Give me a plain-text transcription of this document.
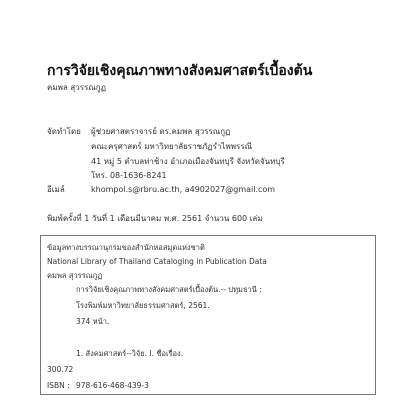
การวิจัยเชิงคุณภาพทางสังคมศาสตร์เบื้องต้น
คมพล สุวรรณกูฏ
จัดทำโดย ผู้ช่วยศาสตราจารย์ ดร.คมพล สุวรรณกูฏ
คณะครุศาสตร์ มหาวิทยาลัยราชภัฏรำไพพรรณี
41 หมู่ 5 ตำบลท่าช้าง อำเภอเมืองจันทบุรี จังหวัดจันทบุรี
โทร. 08-1636-8241
อีเมล์	khompol.s@rbru.ac.th, a4902027@gmail.com
พิมพ์ครั้งที่ 1 วันที่ 1 เดือนมีนาคม พ.ศ. 2561 จำนวน 600 เล่ม
ข้อมูลทางบรรณานุกรมของสำนักหอสมุดแห่งชาติ
National Library of Thailand Cataloging in Publication Data
คมพล สุวรรณกูฏ
การวิจัยเชิงคุณภาพทางสังคมศาสตร์เบื้องต้น.-- ปทุมธานี :
โรงพิมพ์มหาวิทยาลัยธรรมศาสตร์, 2561.
374 หน้า.
1. สังคมศาสตร์--วิจัย. I. ชื่อเรื่อง.
300.72
ISBN : 978-616-468-439-3
